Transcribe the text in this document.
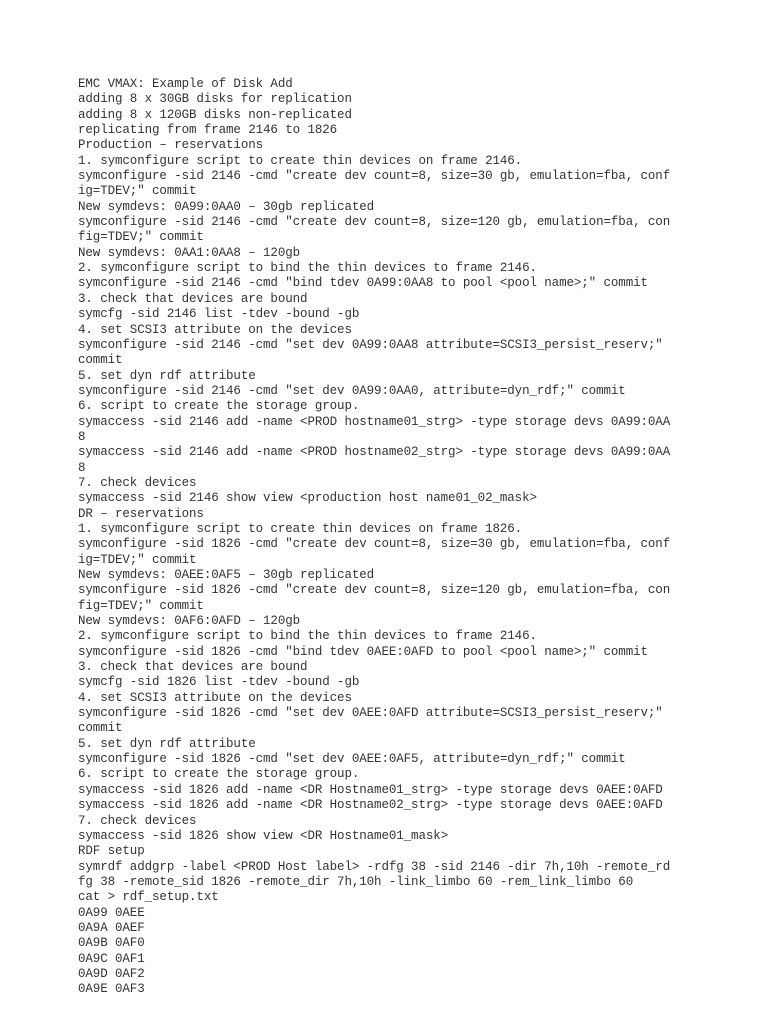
EMC VMAX: Example of Disk Add
adding 8 x 30GB disks for replication
adding 8 x 120GB disks non-replicated
replicating from frame 2146 to 1826
Production – reservations
1. symconfigure script to create thin devices on frame 2146.
symconfigure -sid 2146 -cmd "create dev count=8, size=30 gb, emulation=fba, conf
ig=TDEV;" commit
New symdevs: 0A99:0AA0 – 30gb replicated
symconfigure -sid 2146 -cmd "create dev count=8, size=120 gb, emulation=fba, con
fig=TDEV;" commit
New symdevs: 0AA1:0AA8 – 120gb
2. symconfigure script to bind the thin devices to frame 2146.
symconfigure -sid 2146 -cmd "bind tdev 0A99:0AA8 to pool <pool name>;" commit
3. check that devices are bound
symcfg -sid 2146 list -tdev -bound -gb
4. set SCSI3 attribute on the devices
symconfigure -sid 2146 -cmd "set dev 0A99:0AA8 attribute=SCSI3_persist_reserv;"
commit
5. set dyn rdf attribute
symconfigure -sid 2146 -cmd "set dev 0A99:0AA0, attribute=dyn_rdf;" commit
6. script to create the storage group.
symaccess -sid 2146 add -name <PROD hostname01_strg> -type storage devs 0A99:0AA
8
symaccess -sid 2146 add -name <PROD hostname02_strg> -type storage devs 0A99:0AA
8
7. check devices
symaccess -sid 2146 show view <production host name01_02_mask>
DR – reservations
1. symconfigure script to create thin devices on frame 1826.
symconfigure -sid 1826 -cmd "create dev count=8, size=30 gb, emulation=fba, conf
ig=TDEV;" commit
New symdevs: 0AEE:0AF5 – 30gb replicated
symconfigure -sid 1826 -cmd "create dev count=8, size=120 gb, emulation=fba, con
fig=TDEV;" commit
New symdevs: 0AF6:0AFD – 120gb
2. symconfigure script to bind the thin devices to frame 2146.
symconfigure -sid 1826 -cmd "bind tdev 0AEE:0AFD to pool <pool name>;" commit
3. check that devices are bound
symcfg -sid 1826 list -tdev -bound -gb
4. set SCSI3 attribute on the devices
symconfigure -sid 1826 -cmd "set dev 0AEE:0AFD attribute=SCSI3_persist_reserv;"
commit
5. set dyn rdf attribute
symconfigure -sid 1826 -cmd "set dev 0AEE:0AF5, attribute=dyn_rdf;" commit
6. script to create the storage group.
symaccess -sid 1826 add -name <DR Hostname01_strg> -type storage devs 0AEE:0AFD
symaccess -sid 1826 add -name <DR Hostname02_strg> -type storage devs 0AEE:0AFD
7. check devices
symaccess -sid 1826 show view <DR Hostname01_mask>
RDF setup
symrdf addgrp -label <PROD Host label> -rdfg 38 -sid 2146 -dir 7h,10h -remote_rd
fg 38 -remote_sid 1826 -remote_dir 7h,10h -link_limbo 60 -rem_link_limbo 60
cat > rdf_setup.txt
0A99 0AEE
0A9A 0AEF
0A9B 0AF0
0A9C 0AF1
0A9D 0AF2
0A9E 0AF3
